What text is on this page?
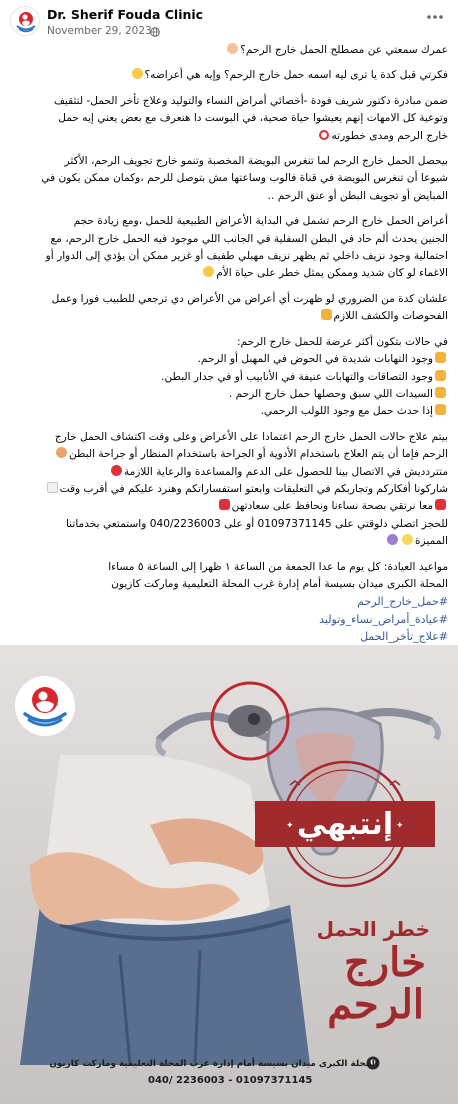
Dr. Sherif Fouda Clinic
November 29, 2023 ·
عمرك سمعتي عن مصطلح الحمل خارج الرحم؟
فكرتي قبل كدة يا ترى ليه اسمه حمل خارج الرحم؟ وإيه هي أعراضه؟
ضمن مبادرة دكتور شريف فودة -أخصائي أمراض النساء والتوليد وعلاج تأخر الحمل- لتثقيف
وتوعية كل الامهات إنهم يعيشوا حياة صحية، في البوست دا هنعرف مع بعض يعني إيه حمل
خارج الرحم ومدى خطورته
بيحصل الحمل خارج الرحم لما تنغرس البويضة المخصبة وتنمو خارج تجويف الرحم، الأكثر
شيوعا أن تنغرس البويضة في قناة فالوب وساعتها مش بتوصل للرحم ،وكمان ممكن يكون في
المبايض أو تجويف البطن أو عنق الرحم ..
أعراض الحمل خارج الرحم تشمل في البداية الأعراض الطبيعية للحمل ،ومع زيادة حجم
الجنين يحدث ألم حاد في البطن السفلية في الجانب اللي موجود فيه الحمل خارج الرحم، مع
احتمالية وجود نزيف داخلي ثم يظهر نزيف مهبلي طفيف أو غزير ممكن أن يؤدي إلى الدوار أو
الاغماء لو كان شديد وممكن يمثل خطر على حياة الأم
علشان كدة من الضروري لو ظهرت أي أعراض من الأعراض دي ترجعي للطبيب فورا وعمل
الفحوصات والكشف اللازم
في حالات بتكون أكثر عرضة للحمل خارج الرحم:
وجود التهابات شديدة في الحوض في المهبل أو الرحم.
وجود التصاقات والتهابات عنيفة في الأنابيب أو في جدار البطن.
السيدات اللي سبق وحصلها حمل خارج الرحم .
إذا حدث حمل مع وجود اللولب الرحمي.
بيتم علاج حالات الحمل خارج الرحم اعتمادا على الأعراض وعلى وقت اكتشاف الحمل خارج
الرحم فإما أن يتم العلاج باستخدام الأدوية أو الجراحة باستخدام المنظار أو جراحة البطن
متترددیش في الاتصال بينا للحصول على الدعم والمساعدة والرعاية اللازمة
شاركونا أفكاركم وتجاربكم في التعليقات وابعتو استفساراتكم وهنرد عليكم في أقرب وقت
معا نرتقي بصحة نساءنا ونحافظ على سعادتهن
للحجز اتصلي دلوقتي على 01097371145 أو على 040/2236003 واستمتعي بخدماتنا
المميزة
مواعيد العيادة: كل يوم ما عدا الجمعة من الساعة ١ ظهرا إلى الساعة ٥ مساءا
المحلة الكبرى ميدان بسيسة أمام إدارة غرب المحلة التعليمية وماركت كازيون
#حمل_خارج_الرحم
#عيادة_أمراض_نساء_وتوليد
#علاج_تأخر_الحمل
✦	✦
إنتبهي
خطر الحمل
خارج
الرحم
المحلة الكبرى ميدان بسيسة أمام إدارة غرب المحلة التعليمية وماركت كازيون
040/ 2236003 - 01097371145
